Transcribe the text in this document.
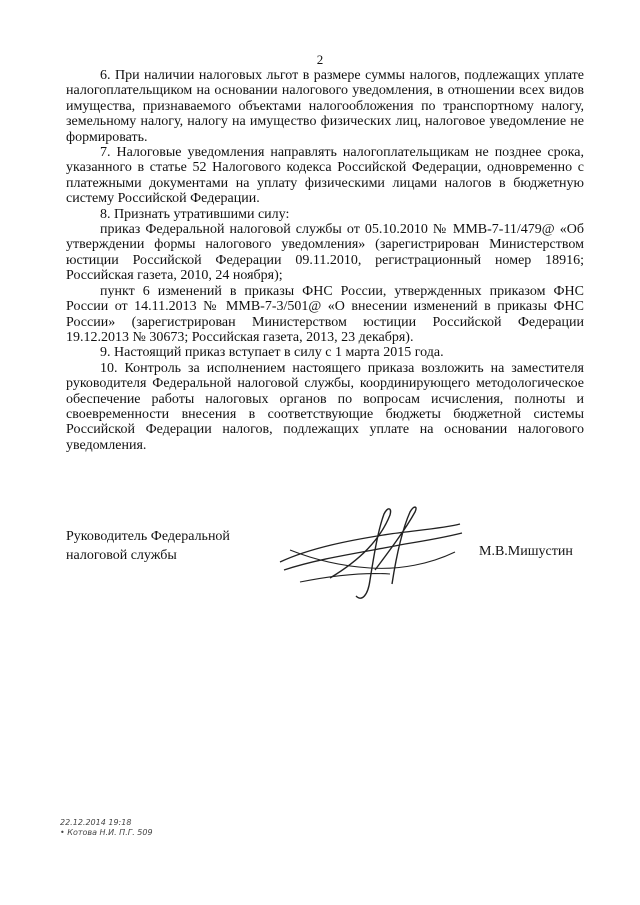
2

6. При наличии налоговых льгот в размере суммы налогов, подлежащих уплате налогоплательщиком на основании налогового уведомления, в отношении всех видов имущества, признаваемого объектами налогообложения по транспортному налогу, земельному налогу, налогу на имущество физических лиц, налоговое уведомление не формировать.

7. Налоговые уведомления направлять налогоплательщикам не позднее срока, указанного в статье 52 Налогового кодекса Российской Федерации, одновременно с платежными документами на уплату физическими лицами налогов в бюджетную систему Российской Федерации.

8. Признать утратившими силу:

приказ Федеральной налоговой службы от 05.10.2010 № ММВ-7-11/479@ «Об утверждении формы налогового уведомления» (зарегистрирован Министерством юстиции Российской Федерации 09.11.2010, регистрационный номер 18916; Российская газета, 2010, 24 ноября);

пункт 6 изменений в приказы ФНС России, утвержденных приказом ФНС России от 14.11.2013 № ММВ-7-3/501@ «О внесении изменений в приказы ФНС России» (зарегистрирован Министерством юстиции Российской Федерации 19.12.2013 № 30673; Российская газета, 2013, 23 декабря).

9. Настоящий приказ вступает в силу с 1 марта 2015 года.

10. Контроль за исполнением настоящего приказа возложить на заместителя руководителя Федеральной налоговой службы, координирующего методологическое обеспечение работы налоговых органов по вопросам исчисления, полноты и своевременности внесения в соответствующие бюджеты бюджетной системы Российской Федерации налогов, подлежащих уплате на основании налогового уведомления.

Руководитель Федеральной
налоговой службы	М.В.Мишустин
22.12.2014 19:18
• Котова Н.И. П.Г. 509
